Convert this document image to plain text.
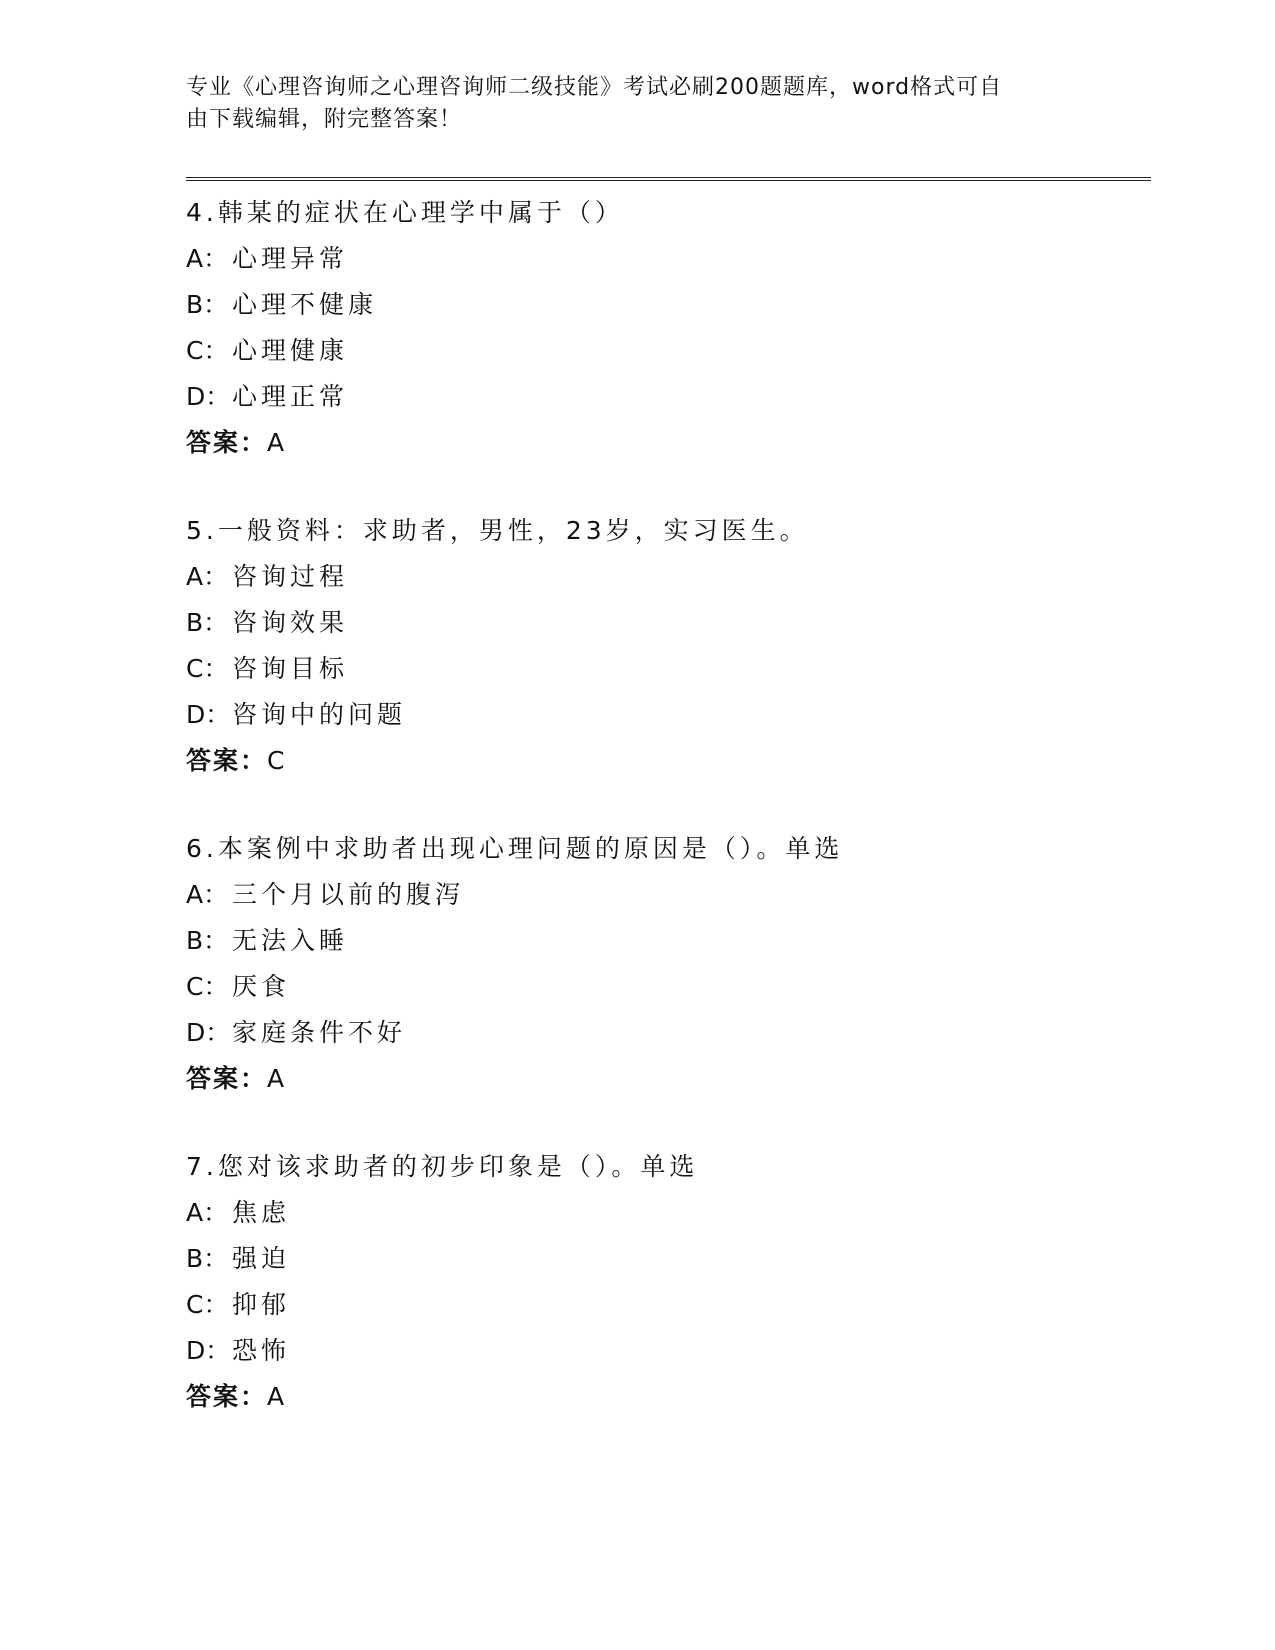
专业《心理咨询师之心理咨询师二级技能》考试必刷200题题库，word格式可自
由下载编辑，附完整答案！
4.韩某的症状在心理学中属于（）
A： 心理异常
B： 心理不健康
C： 心理健康
D：心理正常
答案：A
5.一般资料：求助者，男性，23岁，实习医生。
A： 咨询过程
B： 咨询效果
C： 咨询目标
D：咨询中的问题
答案：C
6.本案例中求助者出现心理问题的原因是（）。单选
A： 三个月以前的腹泻
B： 无法入睡
C： 厌食
D：家庭条件不好
答案：A
7.您对该求助者的初步印象是（）。单选
A： 焦虑
B： 强迫
C： 抑郁
D：恐怖
答案：A
